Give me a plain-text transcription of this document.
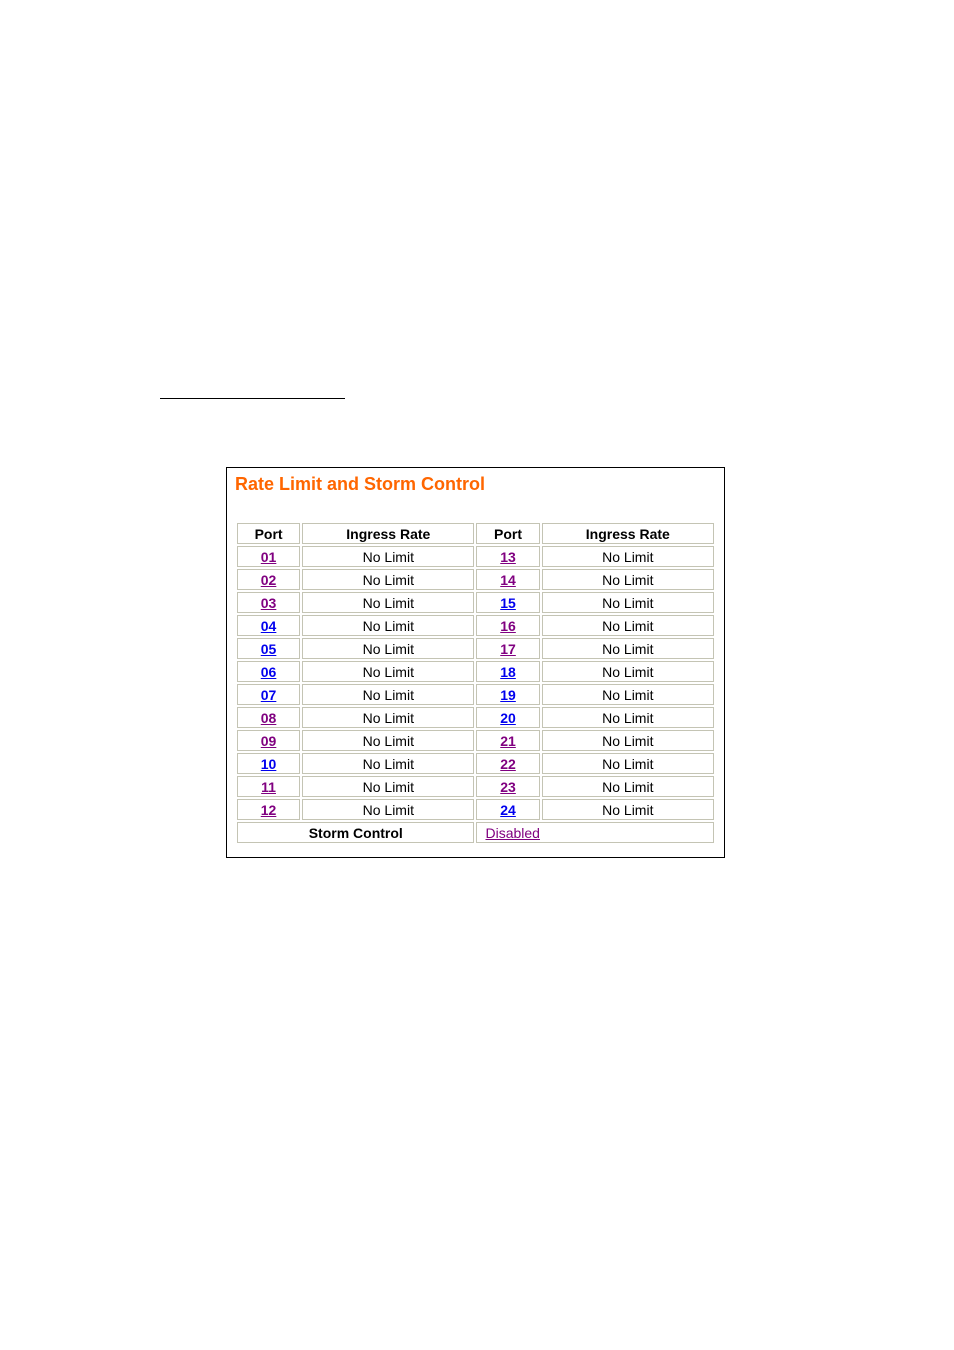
Rate Limit and Storm Control
Port	Ingress Rate	Port	Ingress Rate
01	No Limit	13	No Limit
02	No Limit	14	No Limit
03	No Limit	15	No Limit
04	No Limit	16	No Limit
05	No Limit	17	No Limit
06	No Limit	18	No Limit
07	No Limit	19	No Limit
08	No Limit	20	No Limit
09	No Limit	21	No Limit
10	No Limit	22	No Limit
11	No Limit	23	No Limit
12	No Limit	24	No Limit
Storm Control		Disabled	
